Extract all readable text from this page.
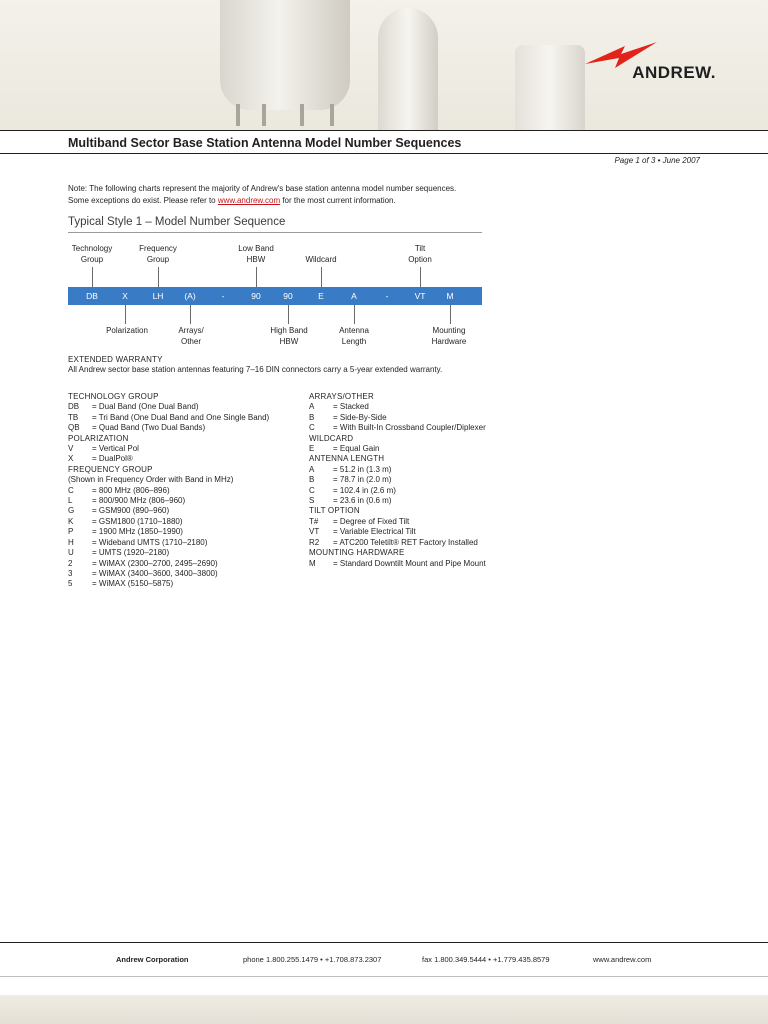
ANDREW.
Multiband Sector Base Station Antenna Model Number Sequences
Page 1 of 3 • June 2007
Note: The following charts represent the majority of Andrew's base station antenna model number sequences. Some exceptions do exist. Please refer to www.andrew.com for the most current information.
Typical Style 1 – Model Number Sequence
Technology
Group
Frequency
Group
Low Band
HBW	Wildcard
Tilt
Option
DB	X	LH	(A)	-	90	90	E	A	-	VT	M
Polarization	Arrays/
Other
High Band
HBW
Antenna
Length
Mounting
Hardware
EXTENDED WARRANTY
All Andrew sector base station antennas featuring 7–16 DIN connectors carry a 5-year extended warranty.
TECHNOLOGY GROUP
DB	= Dual Band (One Dual Band)
TB	= Tri Band (One Dual Band and One Single Band)
QB	= Quad Band (Two Dual Bands)
POLARIZATION
V	= Vertical Pol
X	= DualPol®
FREQUENCY GROUP
(Shown in Frequency Order with Band in MHz)
C	= 800 MHz (806–896)
L	= 800/900 MHz (806–960)
G	= GSM900 (890–960)
K	= GSM1800 (1710–1880)
P	= 1900 MHz (1850–1990)
H	= Wideband UMTS (1710–2180)
U	= UMTS (1920–2180)
2	= WiMAX (2300–2700, 2495–2690)
3	= WiMAX (3400–3600, 3400–3800)
5	= WiMAX (5150–5875)
ARRAYS/OTHER
A	= Stacked
B	= Side-By-Side
C	= With Built-In Crossband Coupler/Diplexer
WILDCARD
E	= Equal Gain
ANTENNA LENGTH
A	= 51.2 in (1.3 m)
B	= 78.7 in (2.0 m)
C	= 102.4 in (2.6 m)
S	= 23.6 in (0.6 m)
TILT OPTION
T#	= Degree of Fixed Tilt
VT	= Variable Electrical Tilt
R2	= ATC200 Teletilt® RET Factory Installed
MOUNTING HARDWARE
M	= Standard Downtilt Mount and Pipe Mount
Andrew Corporation	phone 1.800.255.1479 • +1.708.873.2307	fax 1.800.349.5444 • +1.779.435.8579	www.andrew.com
